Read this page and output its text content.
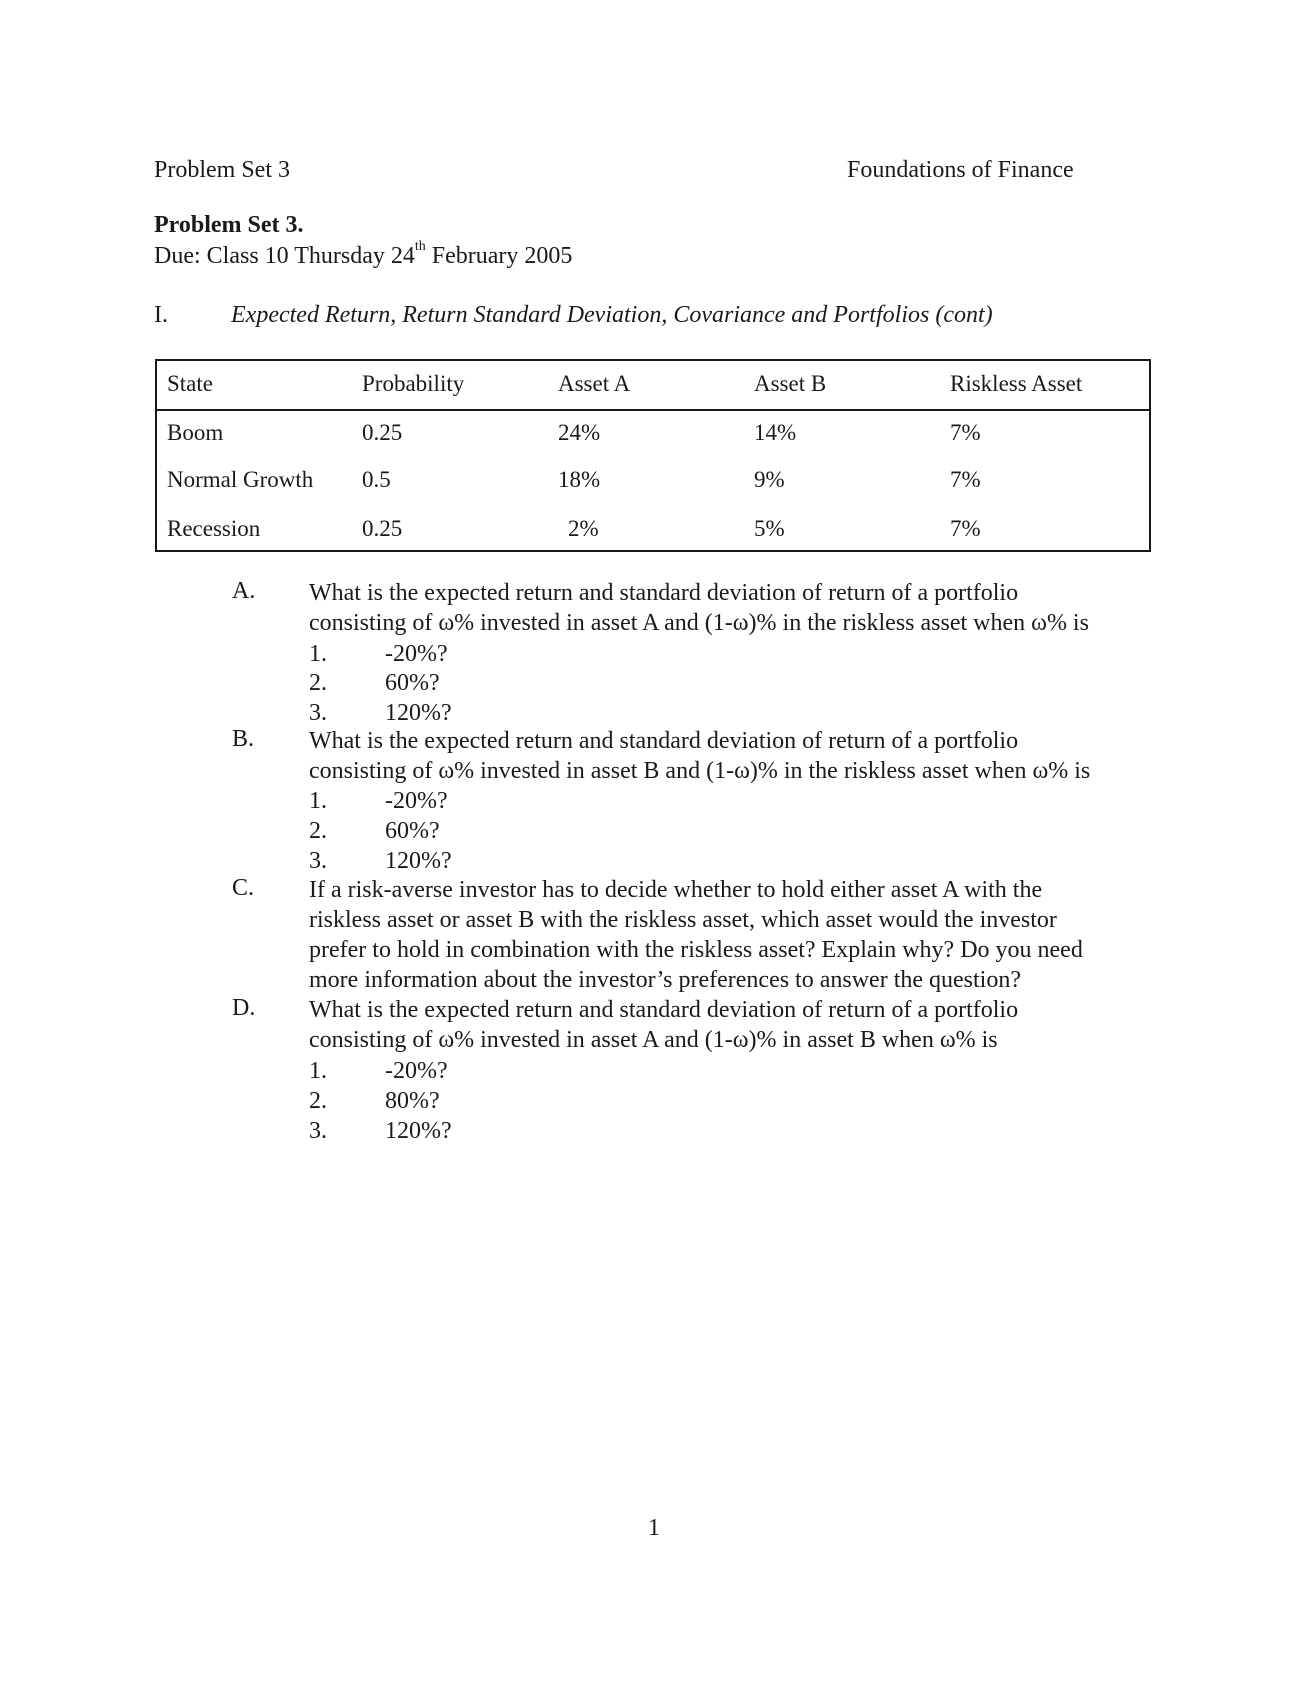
Problem Set 3	Foundations of Finance
Problem Set 3.
Due: Class 10 Thursday 24th February 2005
I.	Expected Return, Return Standard Deviation, Covariance and Portfolios (cont)
State	Probability	Asset A	Asset B	Riskless Asset
Boom	0.25	24%	14%	7%
Normal Growth 0.5	18%	9%	7%
Recession	0.25	2%	5%	7%
A. What is the expected return and standard deviation of return of a portfolio
consisting of ω% invested in asset A and (1-ω)% in the riskless asset when ω% is
1. -20%?
2. 60%?
3. 120%?
B. What is the expected return and standard deviation of return of a portfolio
consisting of ω% invested in asset B and (1-ω)% in the riskless asset when ω% is
1. -20%?
2. 60%?
3. 120%?
C. If a risk-averse investor has to decide whether to hold either asset A with the
riskless asset or asset B with the riskless asset, which asset would the investor
prefer to hold in combination with the riskless asset? Explain why? Do you need
more information about the investor’s preferences to answer the question?
D. What is the expected return and standard deviation of return of a portfolio
consisting of ω% invested in asset A and (1-ω)% in asset B when ω% is
1. -20%?
2. 80%?
3. 120%?
1
